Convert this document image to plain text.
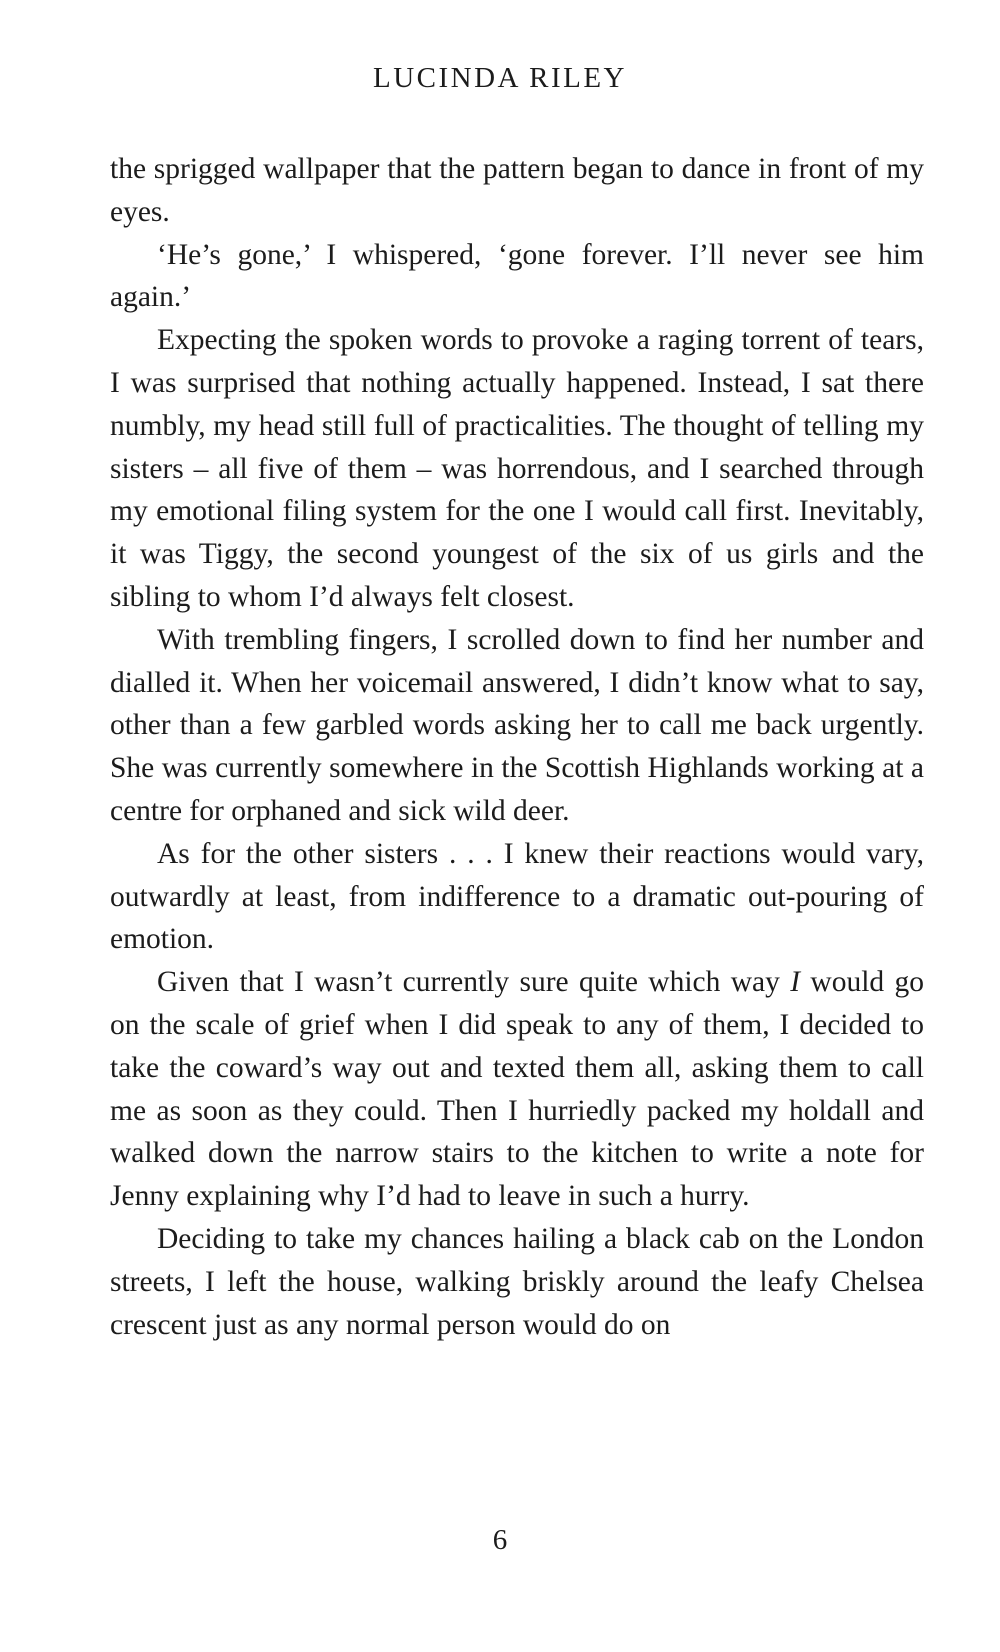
LUCINDA RILEY

the sprigged wallpaper that the pattern began to dance in front of my eyes.

‘He’s gone,’ I whispered, ‘gone forever. I’ll never see him again.’

Expecting the spoken words to provoke a raging torrent of tears, I was surprised that nothing actually happened. Instead, I sat there numbly, my head still full of practicalities. The thought of telling my sisters – all five of them – was horrendous, and I searched through my emotional filing system for the one I would call first. Inevitably, it was Tiggy, the second youngest of the six of us girls and the sibling to whom I’d always felt closest.

With trembling fingers, I scrolled down to find her number and dialled it. When her voicemail answered, I didn’t know what to say, other than a few garbled words asking her to call me back urgently. She was currently somewhere in the Scottish Highlands working at a centre for orphaned and sick wild deer.

As for the other sisters . . . I knew their reactions would vary, outwardly at least, from indifference to a dramatic out-pouring of emotion.

Given that I wasn’t currently sure quite which way I would go on the scale of grief when I did speak to any of them, I decided to take the coward’s way out and texted them all, asking them to call me as soon as they could. Then I hurriedly packed my holdall and walked down the narrow stairs to the kitchen to write a note for Jenny explaining why I’d had to leave in such a hurry.

Deciding to take my chances hailing a black cab on the London streets, I left the house, walking briskly around the leafy Chelsea crescent just as any normal person would do on

6
